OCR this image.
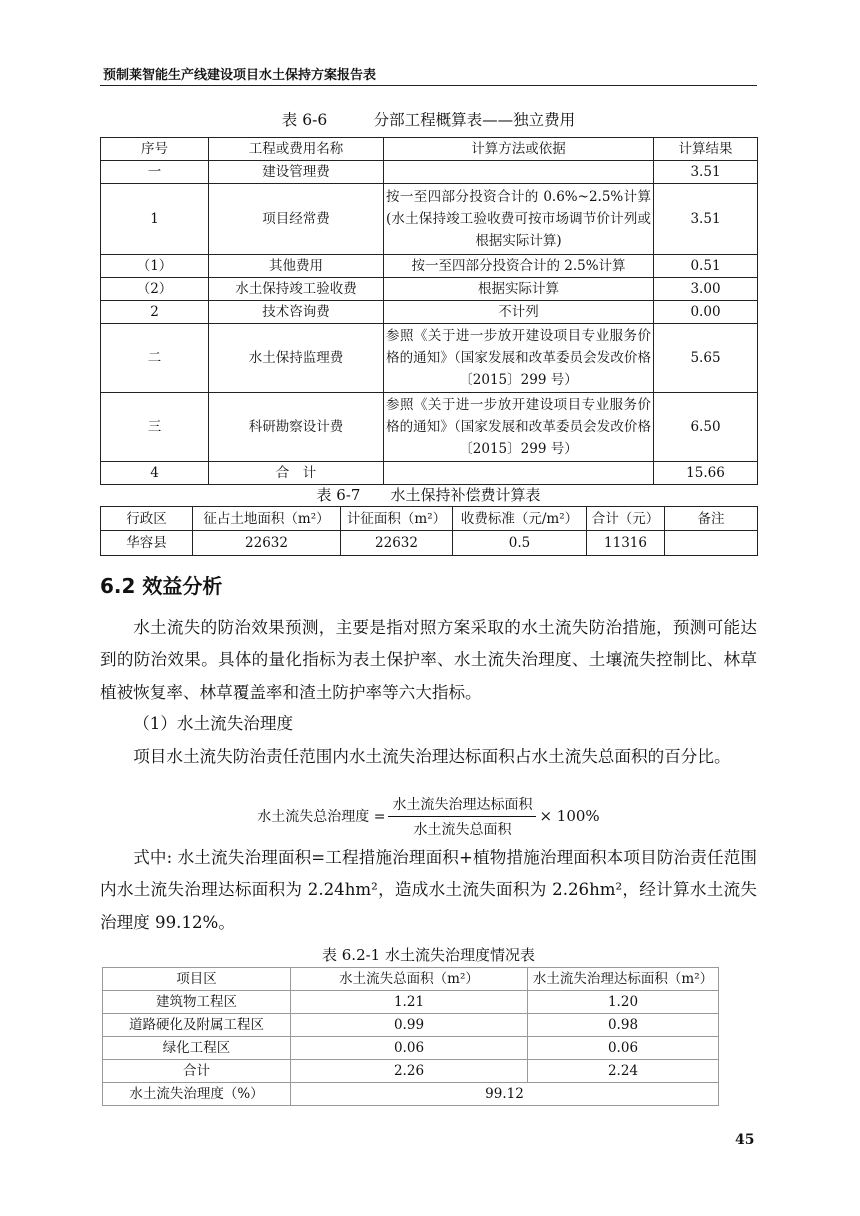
预制莱智能生产线建设项目水土保持方案报告表
表 6-6　　　分部工程概算表——独立费用
序号	工程或费用名称	计算方法或依据	计算结果
一	建设管理费		3.51
1	项目经常费	按一至四部分投资合计的 0.6%~2.5%计算(水土保持竣工验收费可按市场调节价计列或根据实际计算)	3.51
（1）	其他费用	按一至四部分投资合计的 2.5%计算	0.51
（2）	水土保持竣工验收费	根据实际计算	3.00
2	技术咨询费	不计列	0.00
二	水土保持监理费	参照《关于进一步放开建设项目专业服务价格的通知》（国家发展和改革委员会发改价格〔2015〕299 号）	5.65
三	科研勘察设计费	参照《关于进一步放开建设项目专业服务价格的通知》（国家发展和改革委员会发改价格〔2015〕299 号）	6.50
4	合　计		15.66
表 6-7　　水土保持补偿费计算表
行政区	征占土地面积（m²）	计征面积（m²）	收费标准（元/m²）	合计（元）	备注
华容县	22632	22632	0.5	11316	
6.2 效益分析
水土流失的防治效果预测，主要是指对照方案采取的水土流失防治措施，预测可能达到的防治效果。具体的量化指标为表土保护率、水土流失治理度、土壤流失控制比、林草植被恢复率、林草覆盖率和渣土防护率等六大指标。
（1）水土流失治理度
项目水土流失防治责任范围内水土流失治理达标面积占水土流失总面积的百分比。
水土流失总治理度 = $\frac{\text{水土流失治理达标面积}}{\text{水土流失总面积}} \times 100\%$
式中: 水土流失治理面积=工程措施治理面积+植物措施治理面积本项目防治责任范围内水土流失治理达标面积为 2.24hm²，造成水土流失面积为 2.26hm²，经计算水土流失治理度 99.12%。
表 6.2-1 水土流失治理度情况表
项目区	水土流失总面积（m²）	水土流失治理达标面积（m²）
建筑物工程区	1.21	1.20
道路硬化及附属工程区	0.99	0.98
绿化工程区	0.06	0.06
合计	2.26	2.24
水土流失治理度（%）	99.12	
45
